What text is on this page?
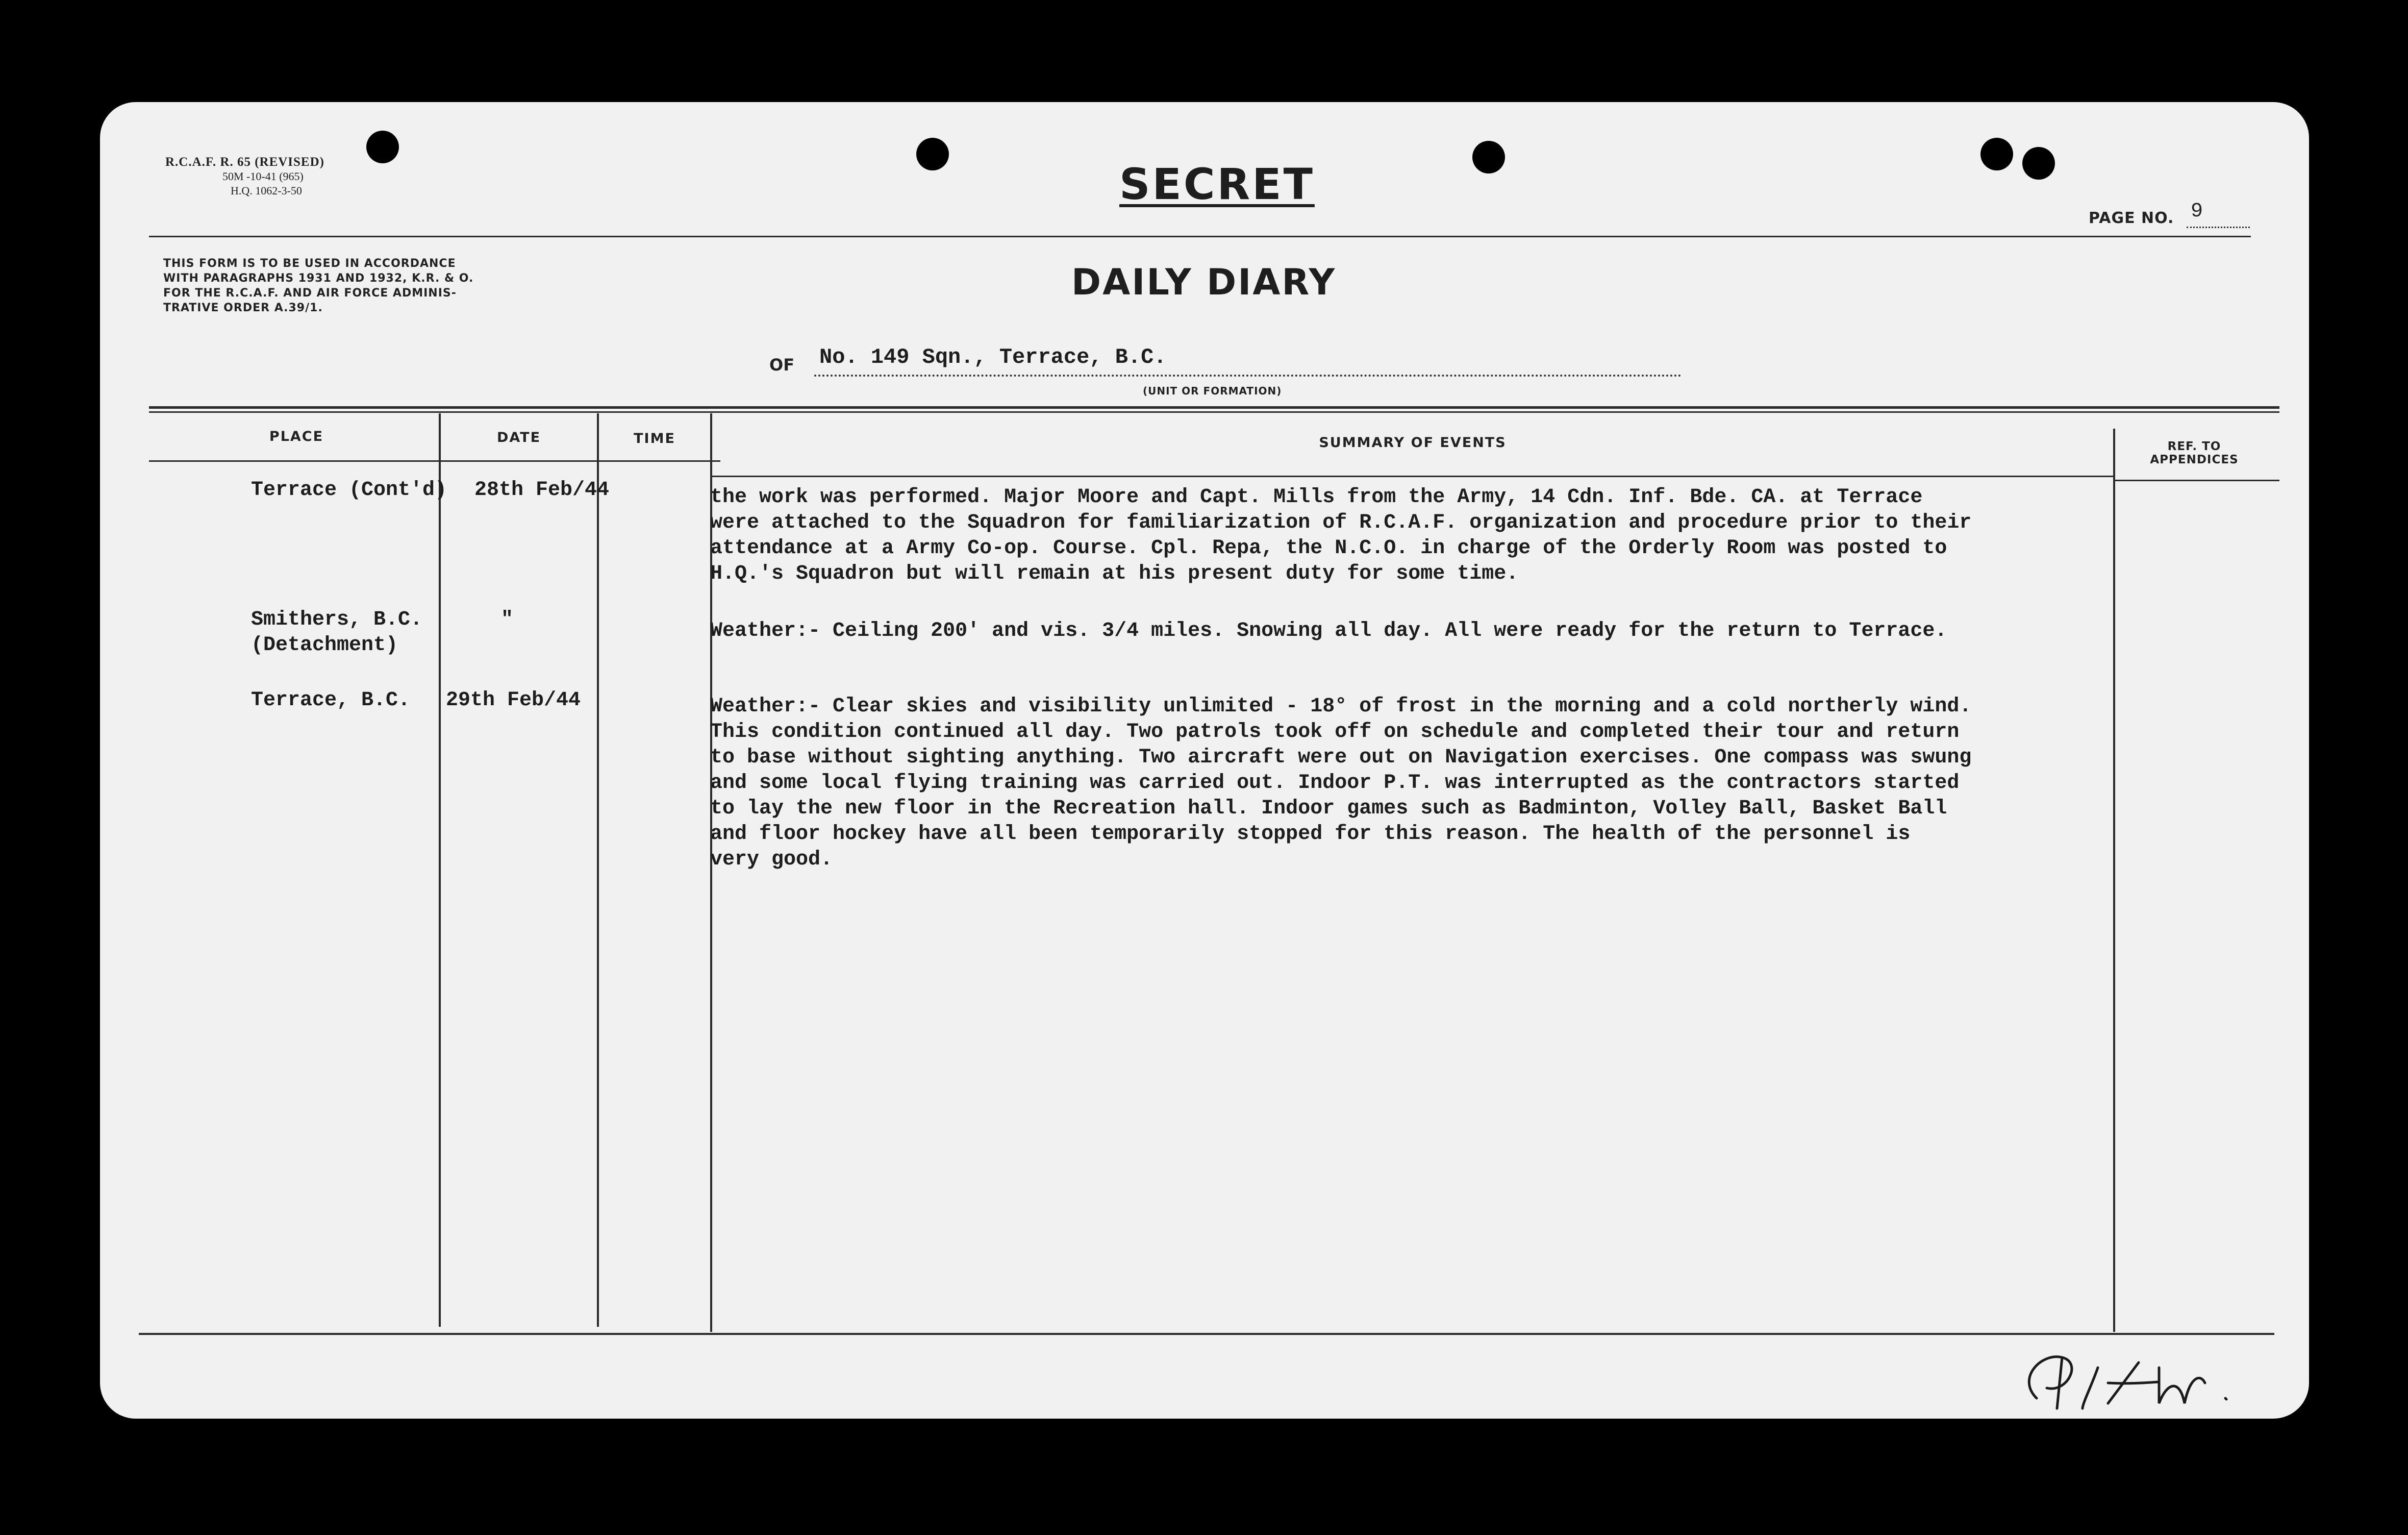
R.C.A.F. R. 65 (REVISED)
50M -10-41 (965)
H.Q. 1062-3-50	SECRET
PAGE NO. 9
THIS FORM IS TO BE USED IN ACCORDANCE
WITH PARAGRAPHS 1931 AND 1932, K.R. & O.
FOR THE R.C.A.F. AND AIR FORCE ADMINIS-
TRATIVE ORDER A.39/1.
DAILY DIARY
OF No. 149 Sqn., Terrace, B.C.
(UNIT OR FORMATION)
PLACE	DATE	TIME	SUMMARY OF EVENTS	REF. TO APPENDICES
Terrace (Cont'd) 28th Feb/44	the work was performed. Major Moore and Capt. Mills from the Army, 14 Cdn. Inf. Bde. CA. at Terrace
were attached to the Squadron for familiarization of R.C.A.F. organization and procedure prior to their
attendance at a Army Co-op. Course. Cpl. Repa, the N.C.O. in charge of the Orderly Room was posted to
H.Q.'s Squadron but will remain at his present duty for some time.
Smithers, B.C.
(Detachment)
"	Weather:- Ceiling 200' and vis. 3/4 miles. Snowing all day. All were ready for the return to Terrace.
Terrace, B.C. 29th Feb/44	Weather:- Clear skies and visibility unlimited - 18° of frost in the morning and a cold northerly wind.
This condition continued all day. Two patrols took off on schedule and completed their tour and return
to base without sighting anything. Two aircraft were out on Navigation exercises. One compass was swung
and some local flying training was carried out. Indoor P.T. was interrupted as the contractors started
to lay the new floor in the Recreation hall. Indoor games such as Badminton, Volley Ball, Basket Ball
and floor hockey have all been temporarily stopped for this reason. The health of the personnel is
very good.
